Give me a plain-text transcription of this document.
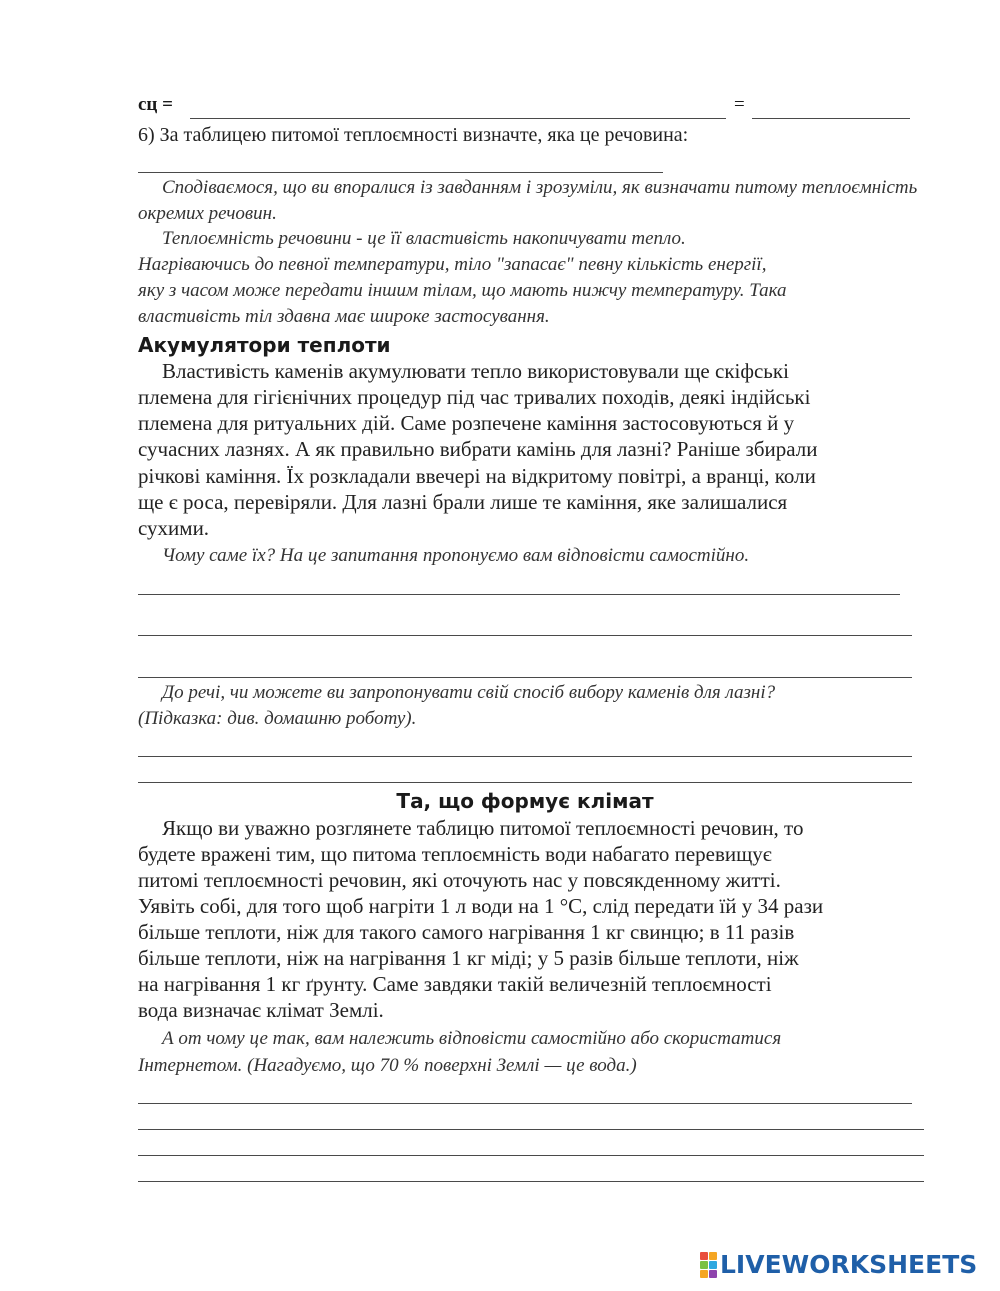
cц =	=
6) За таблицею питомої теплоємності визначте, яка це речовина:
Сподіваємося, що ви впоралися із завданням і зрозуміли, як визначати питому теплоємність окремих речовин.
Теплоємність речовини - це її властивість накопичувати тепло.
Нагріваючись до певної температури, тіло "запасає" певну кількість енергії,
яку з часом може передати іншим тілам, що мають нижчу температуру. Така
властивість тіл здавна має широке застосування.
Акумулятори теплоти
Властивість каменів акумулювати тепло використовували ще скіфські
племена для гігієнічних процедур під час тривалих походів, деякі індійські
племена для ритуальних дій. Саме розпечене каміння застосовуються й у
сучасних лазнях. А як правильно вибрати камінь для лазні? Раніше збирали
річкові каміння. Їх розкладали ввечері на відкритому повітрі, а вранці, коли
ще є роса, перевіряли. Для лазні брали лише те каміння, яке залишалися
сухими.
Чому саме їх? На це запитання пропонуємо вам відповісти самостійно.
До речі, чи можете ви запропонувати свій спосіб вибору каменів для лазні?
(Підказка: див. домашню роботу).
Та, що формує клімат
Якщо ви уважно розглянете таблицю питомої теплоємності речовин, то
будете вражені тим, що питома теплоємність води набагато перевищує
питомі теплоємності речовин, які оточують нас у повсякденному житті.
Уявіть собі, для того щоб нагріти 1 л води на 1 °С, слід передати їй у 34 рази
більше теплоти, ніж для такого самого нагрівання 1 кг свинцю; в 11 разів
більше теплоти, ніж на нагрівання 1 кг міді; у 5 разів більше теплоти, ніж
на нагрівання 1 кг ґрунту. Саме завдяки такій величезній теплоємності
вода визначає клімат Землі.
А от чому це так, вам належить відповісти самостійно або скористатися
Інтернетом. (Нагадуємо, що 70 % поверхні Землі — це вода.)
LIVEWORKSHEETS
